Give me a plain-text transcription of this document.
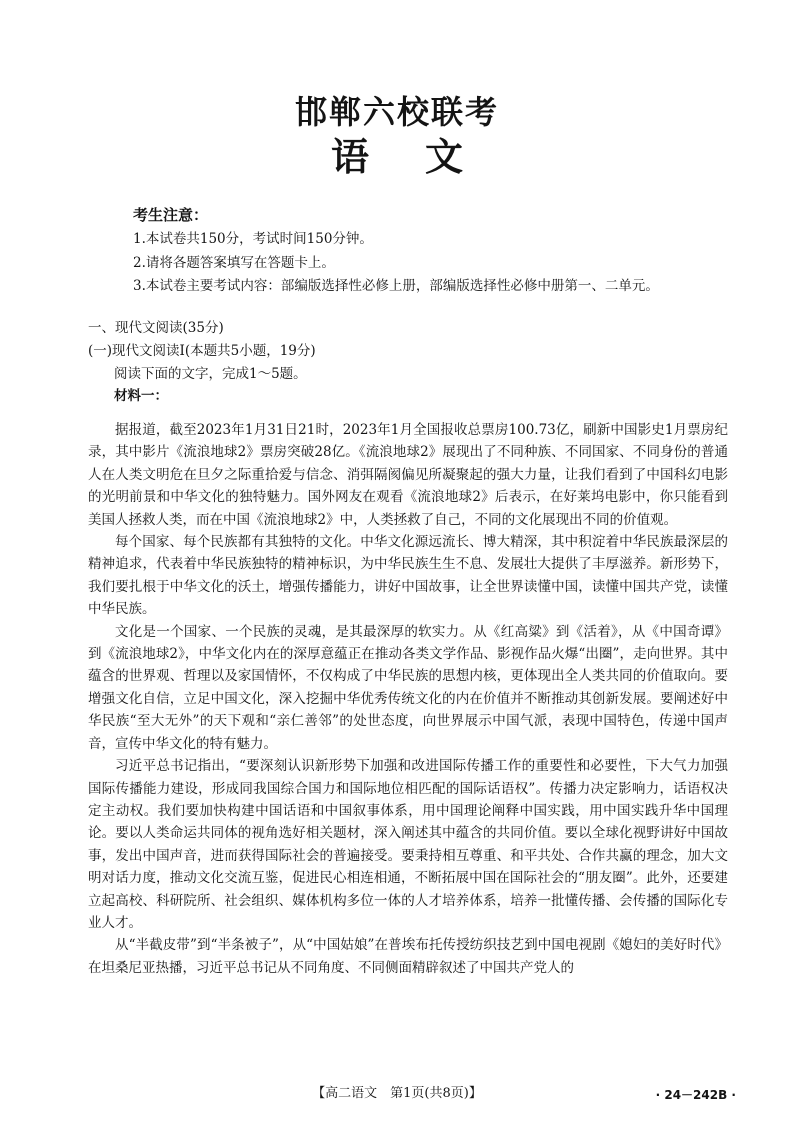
邯郸六校联考
语文
考生注意：
1.本试卷共150分，考试时间150分钟。
2.请将各题答案填写在答题卡上。
3.本试卷主要考试内容：部编版选择性必修上册，部编版选择性必修中册第一、二单元。
一、现代文阅读(35分)
(一)现代文阅读Ⅰ(本题共5小题，19分)
阅读下面的文字，完成1～5题。
材料一：

据报道，截至2023年1月31日21时，2023年1月全国报收总票房100.73亿，刷新中国影史1月票房纪录，其中影片《流浪地球2》票房突破28亿。《流浪地球2》展现出了不同种族、不同国家、不同身份的普通人在人类文明危在旦夕之际重拾爱与信念、消弭隔阂偏见所凝聚起的强大力量，让我们看到了中国科幻电影的光明前景和中华文化的独特魅力。国外网友在观看《流浪地球2》后表示，在好莱坞电影中，你只能看到美国人拯救人类，而在中国《流浪地球2》中，人类拯救了自己，不同的文化展现出不同的价值观。

每个国家、每个民族都有其独特的文化。中华文化源远流长、博大精深，其中积淀着中华民族最深层的精神追求，代表着中华民族独特的精神标识，为中华民族生生不息、发展壮大提供了丰厚滋养。新形势下，我们要扎根于中华文化的沃土，增强传播能力，讲好中国故事，让全世界读懂中国，读懂中国共产党，读懂中华民族。

文化是一个国家、一个民族的灵魂，是其最深厚的软实力。从《红高粱》到《活着》，从《中国奇谭》到《流浪地球2》，中华文化内在的深厚意蕴正在推动各类文学作品、影视作品火爆“出圈”，走向世界。其中蕴含的世界观、哲理以及家国情怀，不仅构成了中华民族的思想内核，更体现出全人类共同的价值取向。要增强文化自信，立足中国文化，深入挖掘中华优秀传统文化的内在价值并不断推动其创新发展。要阐述好中华民族“至大无外”的天下观和“亲仁善邻”的处世态度，向世界展示中国气派，表现中国特色，传递中国声音，宣传中华文化的特有魅力。

习近平总书记指出，“要深刻认识新形势下加强和改进国际传播工作的重要性和必要性，下大气力加强国际传播能力建设，形成同我国综合国力和国际地位相匹配的国际话语权”。传播力决定影响力，话语权决定主动权。我们要加快构建中国话语和中国叙事体系，用中国理论阐释中国实践，用中国实践升华中国理论。要以人类命运共同体的视角选好相关题材，深入阐述其中蕴含的共同价值。要以全球化视野讲好中国故事，发出中国声音，进而获得国际社会的普遍接受。要秉持相互尊重、和平共处、合作共赢的理念，加大文明对话力度，推动文化交流互鉴，促进民心相连相通，不断拓展中国在国际社会的“朋友圈”。此外，还要建立起高校、科研院所、社会组织、媒体机构多位一体的人才培养体系，培养一批懂传播、会传播的国际化专业人才。

从“半截皮带”到“半条被子”，从“中国姑娘”在普埃布托传授纺织技艺到中国电视剧《媳妇的美好时代》在坦桑尼亚热播，习近平总书记从不同角度、不同侧面精辟叙述了中国共产党人的

【高二语文　第1页(共8页)】	· 24－242B ·
